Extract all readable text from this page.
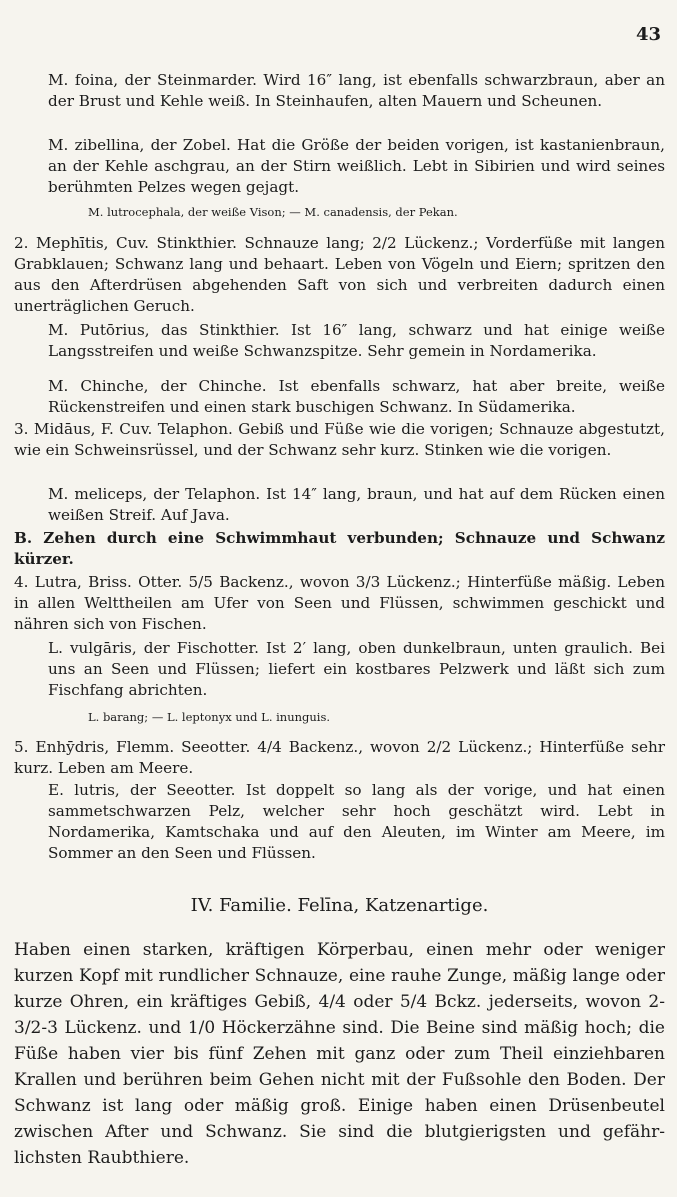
43

M. foina, der Steinmarder. Wird 16″ lang, ist ebenfalls schwarzbraun, aber an der Brust und Kehle weiß. In Steinhaufen, alten Mauern und Scheunen.

M. zibellina, der Zobel. Hat die Größe der beiden vorigen, ist kastanienbraun, an der Kehle aschgrau, an der Stirn weißlich. Lebt in Sibirien und wird seines berühmten Pelzes wegen gejagt.

M. lutrocephala, der weiße Vison; — M. canadensis, der Pekan.

2. Mephītis, Cuv. Stinkthier. Schnauze lang; 2/2 Lückenz.; Vorderfüße mit langen Grabklauen; Schwanz lang und behaart. Leben von Vögeln und Eiern; spritzen den aus den Afterdrüsen abgehenden Saft von sich und verbreiten dadurch einen unerträglichen Geruch.

M. Putōrius, das Stinkthier. Ist 16″ lang, schwarz und hat einige weiße Langsstreifen und weiße Schwanzspitze. Sehr gemein in Nordamerika.

M. Chinche, der Chinche. Ist ebenfalls schwarz, hat aber breite, weiße Rückenstreifen und einen stark buschigen Schwanz. In Südamerika.

3. Midāus, F. Cuv. Telaphon. Gebiß und Füße wie die vorigen; Schnauze abgestutzt, wie ein Schweinsrüssel, und der Schwanz sehr kurz. Stinken wie die vorigen.

M. meliceps, der Telaphon. Ist 14″ lang, braun, und hat auf dem Rücken einen weißen Streif. Auf Java.

B. Zehen durch eine Schwimmhaut verbunden; Schnauze und Schwanz kürzer.

4. Lutra, Briss. Otter. 5/5 Backenz., wovon 3/3 Lückenz.; Hinterfüße mäßig. Leben in allen Welttheilen am Ufer von Seen und Flüssen, schwimmen geschickt und nähren sich von Fischen.

L. vulgāris, der Fischotter. Ist 2′ lang, oben dunkelbraun, unten graulich. Bei uns an Seen und Flüssen; liefert ein kostbares Pelzwerk und läßt sich zum Fischfang abrichten.

L. barang; — L. leptonyx und L. inunguis.

5. Enhȳdris, Flemm. Seeotter. 4/4 Backenz., wovon 2/2 Lückenz.; Hinterfüße sehr kurz. Leben am Meere.

E. lutris, der Seeotter. Ist doppelt so lang als der vorige, und hat einen sammetschwarzen Pelz, welcher sehr hoch geschätzt wird. Lebt in Nordamerika, Kamtschaka und auf den Aleuten, im Winter am Meere, im Sommer an den Seen und Flüssen.

IV. Familie. Felīna, Katzenartige.

Haben einen starken, kräftigen Körperbau, einen mehr oder weniger kurzen Kopf mit rundlicher Schnauze, eine rauhe Zunge, mäßig lange oder kurze Ohren, ein kräftiges Gebiß, 4/4 oder 5/4 Bckz. jederseits, wovon 2-3/2-3 Lückenz. und 1/0 Höckerzähne sind. Die Beine sind mäßig hoch; die Füße haben vier bis fünf Zehen mit ganz oder zum Theil einziehbaren Krallen und berühren beim Gehen nicht mit der Fußsohle den Boden. Der Schwanz ist lang oder mäßig groß. Einige haben einen Drüsenbeutel zwischen After und Schwanz. Sie sind die blutgierigsten und gefährlichsten Raubthiere.
